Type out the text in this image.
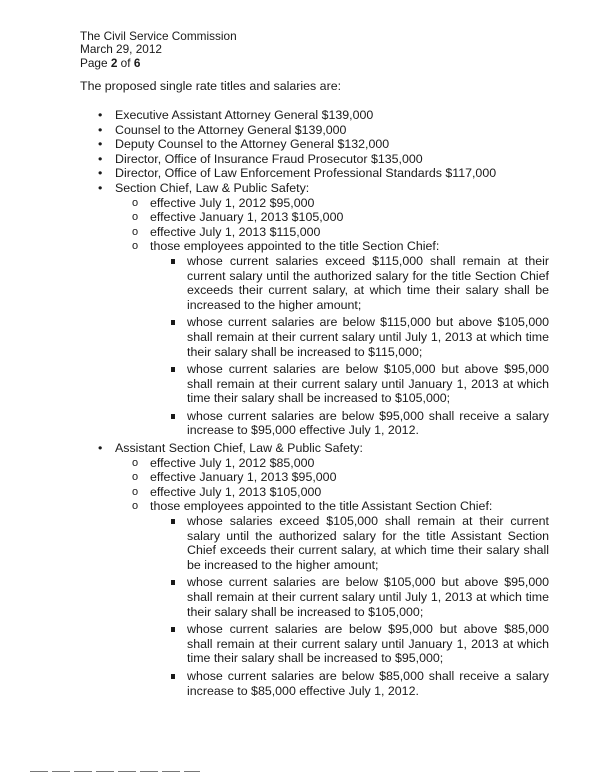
The Civil Service Commission
March 29, 2012
Page 2 of 6

The proposed single rate titles and salaries are:

•	Executive Assistant Attorney General $139,000
•	Counsel to the Attorney General $139,000
•	Deputy Counsel to the Attorney General $132,000
•	Director, Office of Insurance Fraud Prosecutor $135,000
•	Director, Office of Law Enforcement Professional Standards $117,000
•	Section Chief, Law & Public Safety:
o effective July 1, 2012 $95,000
o effective January 1, 2013 $105,000
o effective July 1, 2013 $115,000
o those employees appointed to the title Section Chief:
whose current salaries exceed $115,000 shall remain at their current salary until the authorized salary for the title Section Chief exceeds their current salary, at which time their salary shall be increased to the higher amount;
whose current salaries are below $115,000 but above $105,000 shall remain at their current salary until July 1, 2013 at which time their salary shall be increased to $115,000;
whose current salaries are below $105,000 but above $95,000 shall remain at their current salary until January 1, 2013 at which time their salary shall be increased to $105,000;
whose current salaries are below $95,000 shall receive a salary increase to $95,000 effective July 1, 2012.
•	Assistant Section Chief, Law & Public Safety:
o effective July 1, 2012 $85,000
o effective January 1, 2013 $95,000
o effective July 1, 2013 $105,000
o those employees appointed to the title Assistant Section Chief:
whose salaries exceed $105,000 shall remain at their current salary until the authorized salary for the title Assistant Section Chief exceeds their current salary, at which time their salary shall be increased to the higher amount;
whose current salaries are below $105,000 but above $95,000 shall remain at their current salary until July 1, 2013 at which time their salary shall be increased to $105,000;
whose current salaries are below $95,000 but above $85,000 shall remain at their current salary until January 1, 2013 at which time their salary shall be increased to $95,000;
whose current salaries are below $85,000 shall receive a salary increase to $85,000 effective July 1, 2012.
